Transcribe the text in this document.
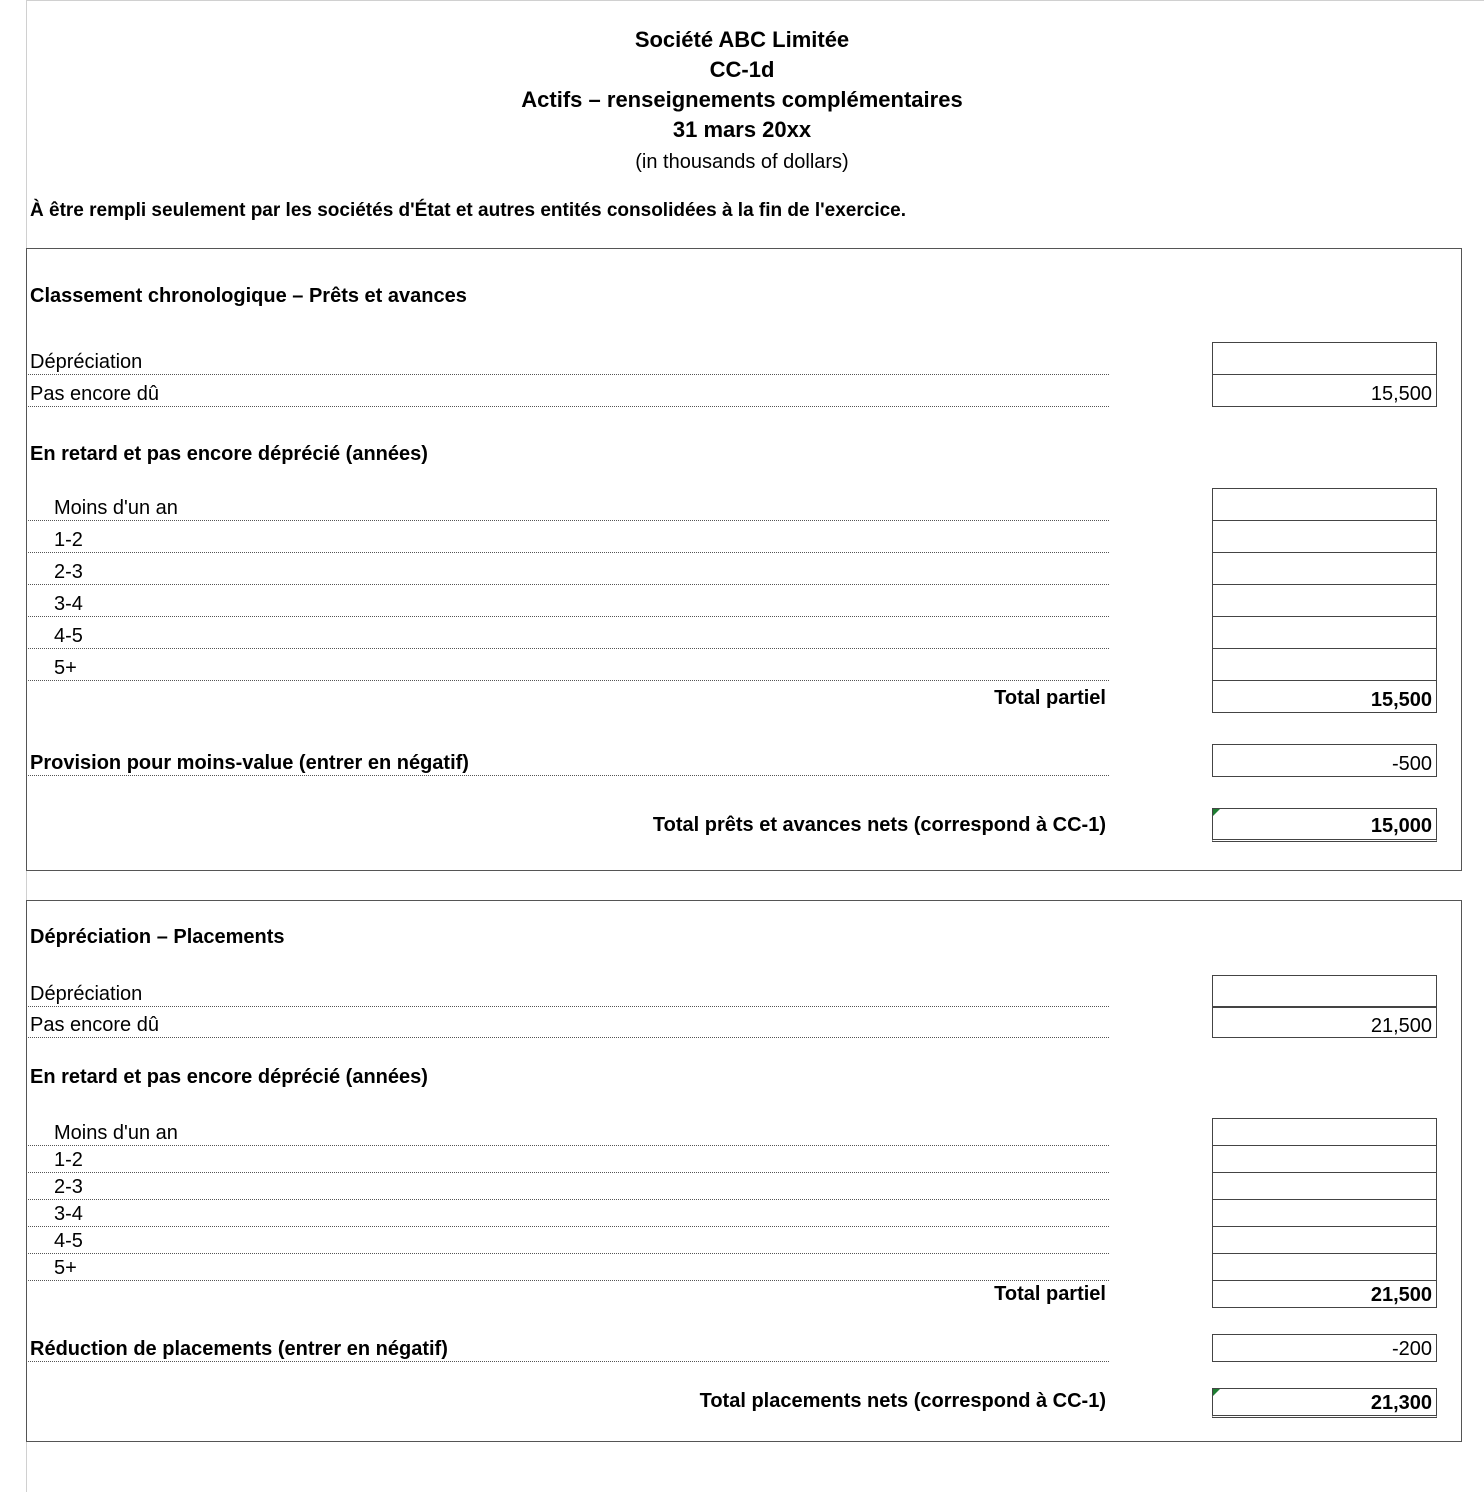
Société ABC Limitée
CC-1d
Actifs – renseignements complémentaires
31 mars 20xx
(in thousands of dollars)
À être rempli seulement par les sociétés d'État et autres entités consolidées à la fin de l'exercice.
Classement chronologique – Prêts et avances
Dépréciation
Pas encore dû	15,500
En retard et pas encore déprécié (années)
Moins d'un an
1-2
2-3
3-4
4-5
5+
Total partiel	15,500
Provision pour moins-value (entrer en négatif)	-500
Total prêts et avances nets (correspond à CC-1)	15,000
Dépréciation – Placements
Dépréciation
Pas encore dû	21,500
En retard et pas encore déprécié (années)
Moins d'un an
1-2
2-3
3-4
4-5
5+
Total partiel	21,500
Réduction de placements (entrer en négatif)	-200
Total placements nets (correspond à CC-1)	21,300
